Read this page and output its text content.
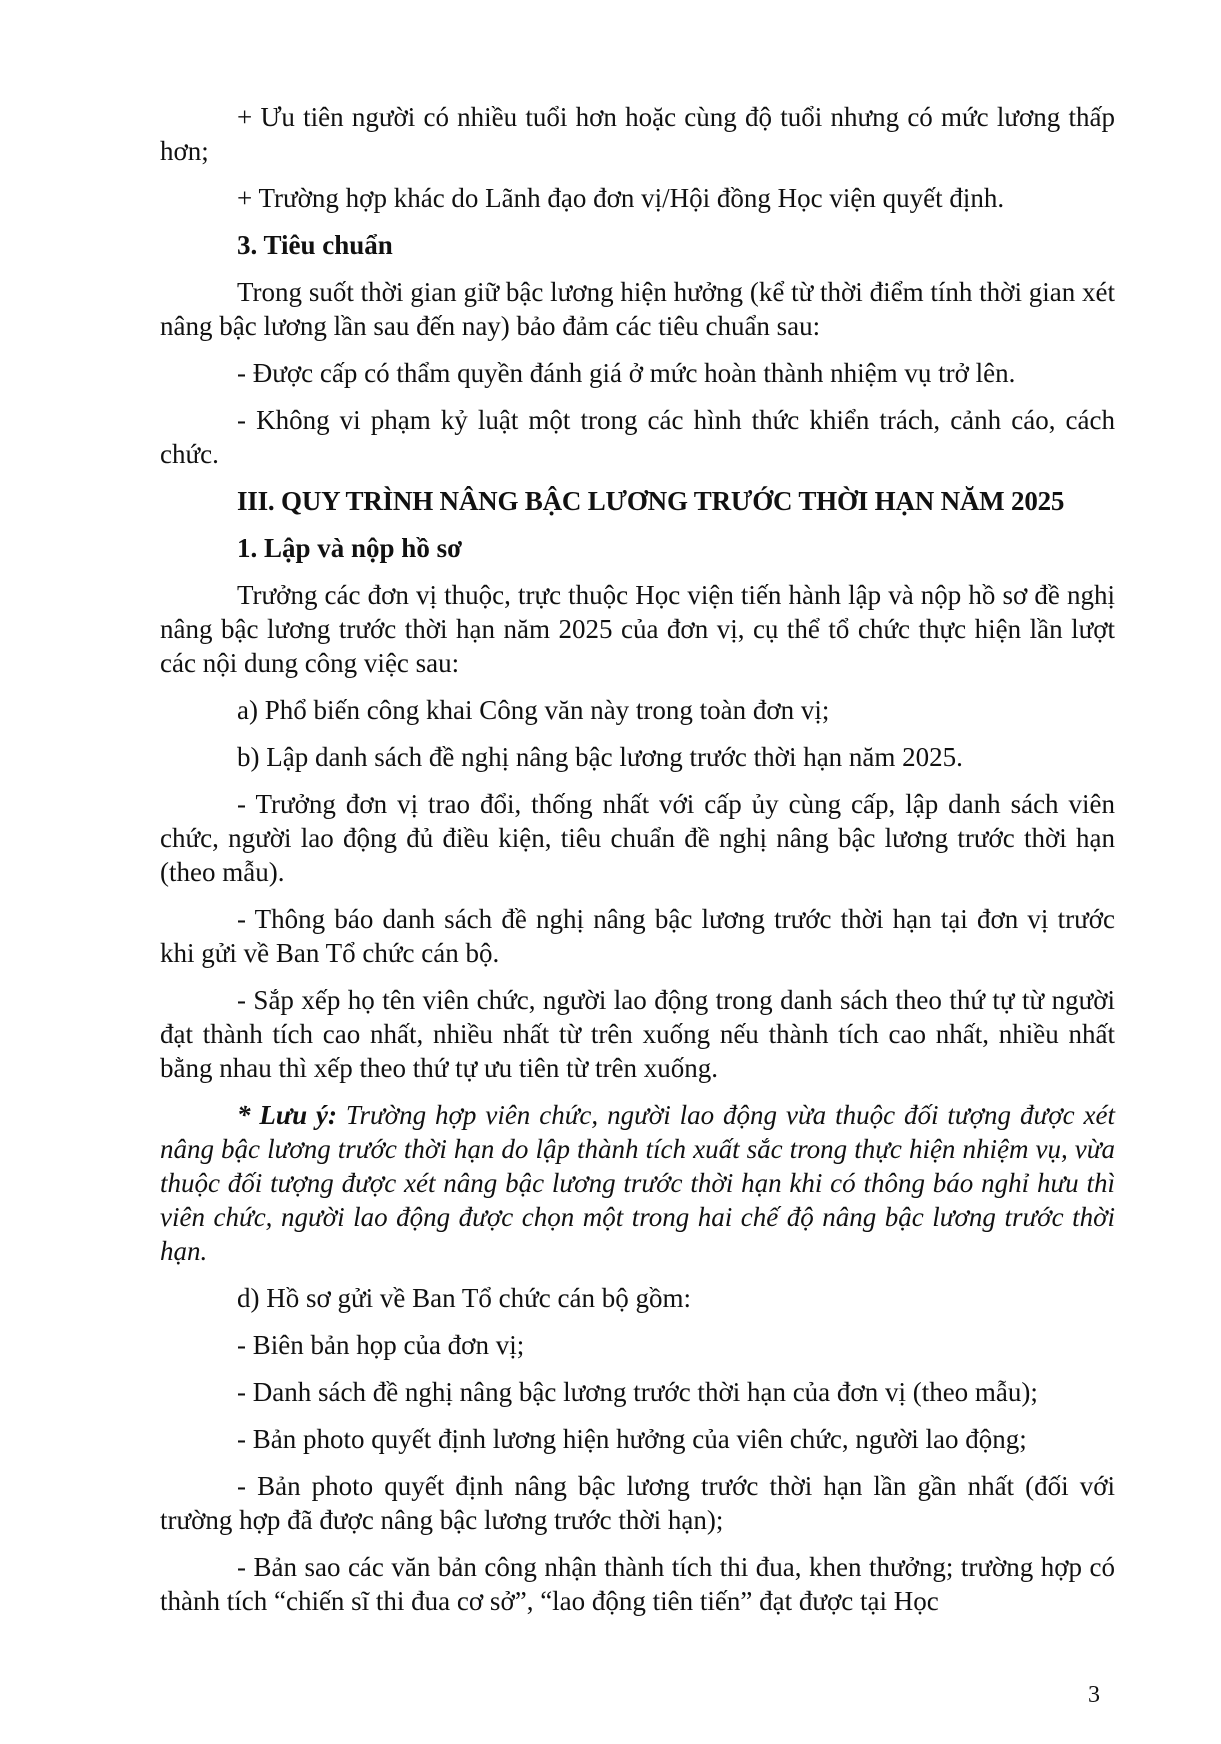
+ Ưu tiên người có nhiều tuổi hơn hoặc cùng độ tuổi nhưng có mức lương thấp hơn;

+ Trường hợp khác do Lãnh đạo đơn vị/Hội đồng Học viện quyết định.

3. Tiêu chuẩn

Trong suốt thời gian giữ bậc lương hiện hưởng (kể từ thời điểm tính thời gian xét nâng bậc lương lần sau đến nay) bảo đảm các tiêu chuẩn sau:

- Được cấp có thẩm quyền đánh giá ở mức hoàn thành nhiệm vụ trở lên.

- Không vi phạm kỷ luật một trong các hình thức khiển trách, cảnh cáo, cách chức.

III. QUY TRÌNH NÂNG BẬC LƯƠNG TRƯỚC THỜI HẠN NĂM 2025

1. Lập và nộp hồ sơ

Trưởng các đơn vị thuộc, trực thuộc Học viện tiến hành lập và nộp hồ sơ đề nghị nâng bậc lương trước thời hạn năm 2025 của đơn vị, cụ thể tổ chức thực hiện lần lượt các nội dung công việc sau:

a) Phổ biến công khai Công văn này trong toàn đơn vị;

b) Lập danh sách đề nghị nâng bậc lương trước thời hạn năm 2025.

- Trưởng đơn vị trao đổi, thống nhất với cấp ủy cùng cấp, lập danh sách viên chức, người lao động đủ điều kiện, tiêu chuẩn đề nghị nâng bậc lương trước thời hạn (theo mẫu).

- Thông báo danh sách đề nghị nâng bậc lương trước thời hạn tại đơn vị trước khi gửi về Ban Tổ chức cán bộ.

- Sắp xếp họ tên viên chức, người lao động trong danh sách theo thứ tự từ người đạt thành tích cao nhất, nhiều nhất từ trên xuống nếu thành tích cao nhất, nhiều nhất bằng nhau thì xếp theo thứ tự ưu tiên từ trên xuống.

* Lưu ý: Trường hợp viên chức, người lao động vừa thuộc đối tượng được xét nâng bậc lương trước thời hạn do lập thành tích xuất sắc trong thực hiện nhiệm vụ, vừa thuộc đối tượng được xét nâng bậc lương trước thời hạn khi có thông báo nghỉ hưu thì viên chức, người lao động được chọn một trong hai chế độ nâng bậc lương trước thời hạn.

d) Hồ sơ gửi về Ban Tổ chức cán bộ gồm:

- Biên bản họp của đơn vị;

- Danh sách đề nghị nâng bậc lương trước thời hạn của đơn vị (theo mẫu);

- Bản photo quyết định lương hiện hưởng của viên chức, người lao động;

- Bản photo quyết định nâng bậc lương trước thời hạn lần gần nhất (đối với trường hợp đã được nâng bậc lương trước thời hạn);

- Bản sao các văn bản công nhận thành tích thi đua, khen thưởng; trường hợp có thành tích “chiến sĩ thi đua cơ sở”, “lao động tiên tiến” đạt được tại Học

3
